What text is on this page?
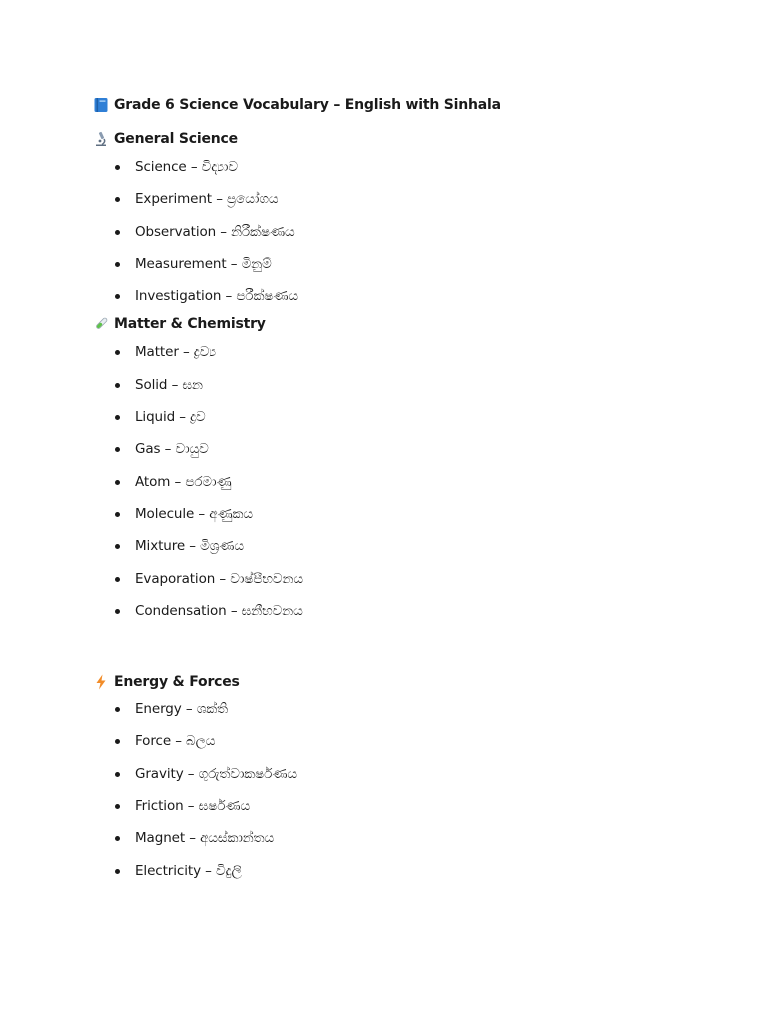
Grade 6 Science Vocabulary – English with Sinhala
General Science
Science – විද්‍යාව
Experiment – ප්‍රයෝගය
Observation – නිරීක්ෂණය
Measurement – මිනුම්
Investigation – පරීක්ෂණය
Matter & Chemistry
Matter – ද්‍රව්‍ය
Solid – ඝන
Liquid – ද්‍රව
Gas – වායුව
Atom – පරමාණු
Molecule – අණුකය
Mixture – මිශ්‍රණය
Evaporation – වාෂ්පීභවනය
Condensation – ඝනීභවනය
Energy & Forces
Energy – ශක්ති
Force – බලය
Gravity – ගුරුත්වාකර්ෂණය
Friction – ඝර්ෂණය
Magnet – අයස්කාන්තය
Electricity – විදුලි
